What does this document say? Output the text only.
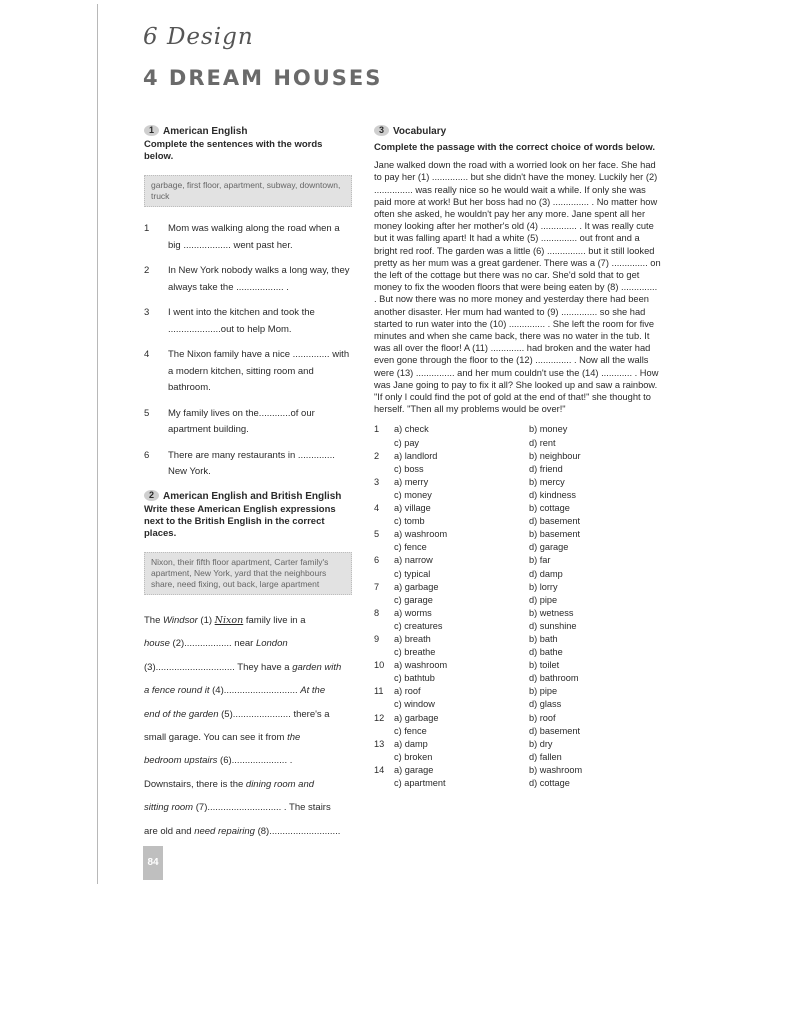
6 Design
4 DREAM HOUSES
1 American English
Complete the sentences with the words below.
garbage, first floor, apartment, subway, downtown, truck
1	Mom was walking along the road when a big .................. went past her.
2	In New York nobody walks a long way, they always take the .................. .
3	I went into the kitchen and took the ....................out to help Mom.
4	The Nixon family have a nice .............. with a modern kitchen, sitting room and bathroom.
5	My family lives on the............of our apartment building.
6	There are many restaurants in .............. New York.
2 American English and British English
Write these American English expressions next to the British English in the correct places.
Nixon, their fifth floor apartment, Carter family's apartment, New York, yard that the neighbours share, need fixing, out back, large apartment
The Windsor (1) Nixon family live in a
house (2).................. near London
(3).............................. They have a garden with
a fence round it (4)............................ At the
end of the garden (5)...................... there's a
small garage. You can see it from the
bedroom upstairs (6)..................... .
Downstairs, there is the dining room and
sitting room (7)............................ . The stairs
are old and need repairing (8)...........................
3 Vocabulary
Complete the passage with the correct choice of words below.
Jane walked down the road with a worried look on her face. She had to pay her (1) .............. but she didn't have the money. Luckily her (2) ............... was really nice so he would wait a while. If only she was paid more at work! But her boss had no (3) .............. . No matter how often she asked, he wouldn't pay her any more. Jane spent all her money looking after her mother's old (4) .............. . It was really cute but it was falling apart! It had a white (5) .............. out front and a bright red roof. The garden was a little (6) ............... but it still looked pretty as her mum was a great gardener. There was a (7) .............. on the left of the cottage but there was no car. She'd sold that to get money to fix the wooden floors that were being eaten by (8) .............. . But now there was no more money and yesterday there had been another disaster. Her mum had wanted to (9) .............. so she had started to run water into the (10) .............. . She left the room for five minutes and when she came back, there was no water in the tub. It was all over the floor! A (11) ............. had broken and the water had even gone through the floor to the (12) .............. . Now all the walls were (13) ............... and her mum couldn't use the (14) ............ . How was Jane going to pay to fix it all? She looked up and saw a rainbow. "If only I could find the pot of gold at the end of that!" she thought to herself. "Then all my problems would be over!"
1	a) check	b) money
c) pay	d) rent
2	a) landlord	b) neighbour
c) boss	d) friend
3	a) merry	b) mercy
c) money	d) kindness
4	a) village	b) cottage
c) tomb	d) basement
5	a) washroom	b) basement
c) fence	d) garage
6	a) narrow	b) far
c) typical	d) damp
7	a) garbage	b) lorry
c) garage	d) pipe
8	a) worms	b) wetness
c) creatures	d) sunshine
9	a) breath	b) bath
c) breathe	d) bathe
10	a) washroom	b) toilet
c) bathtub	d) bathroom
11	a) roof	b) pipe
c) window	d) glass
12	a) garbage	b) roof
c) fence	d) basement
13	a) damp	b) dry
c) broken	d) fallen
14	a) garage	b) washroom
c) apartment	d) cottage
84
